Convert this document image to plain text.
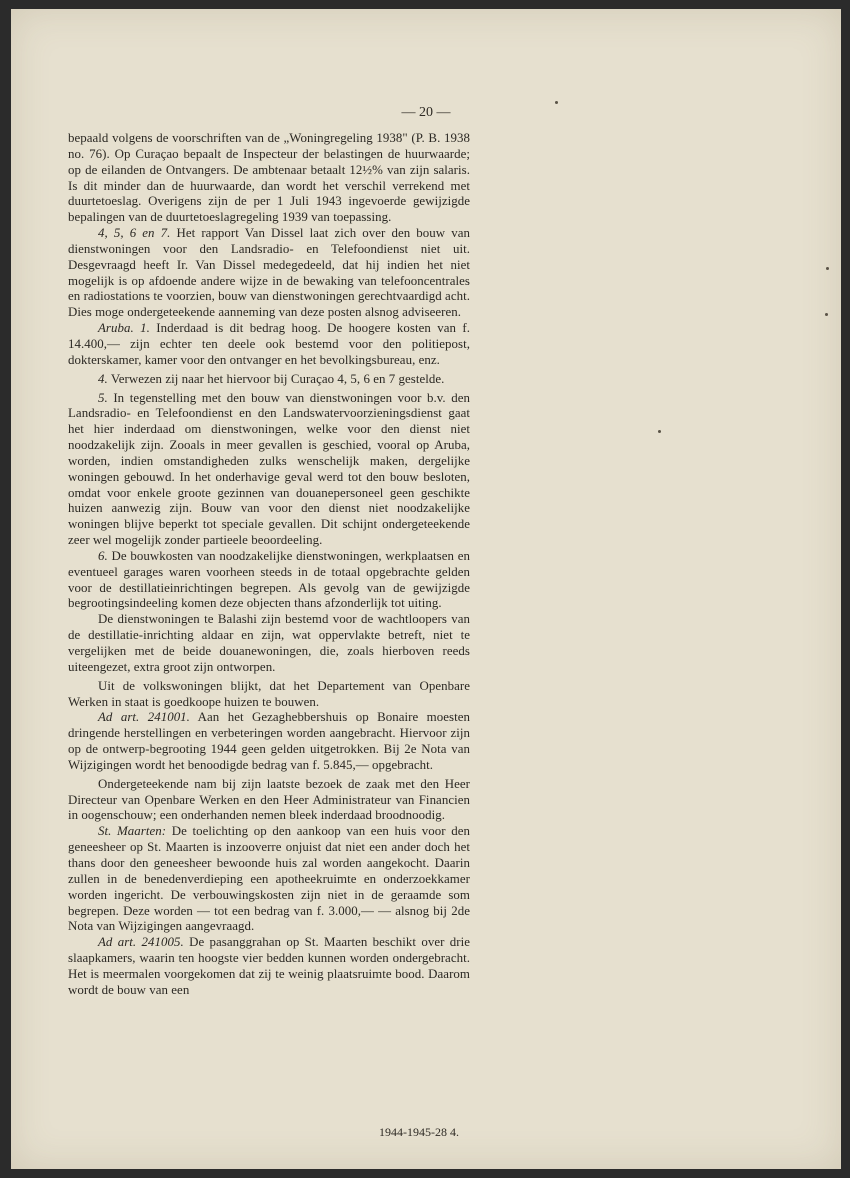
— 20 —

bepaald volgens de voorschriften van de „Woningregeling 1938" (P. B. 1938 no. 76). Op Curaçao bepaalt de Inspecteur der belastingen de huurwaarde; op de eilanden de Ontvangers. De ambtenaar betaalt 12½% van zijn salaris. Is dit minder dan de huurwaarde, dan wordt het verschil verrekend met duurtetoeslag. Overigens zijn de per 1 Juli 1943 ingevoerde gewijzigde bepalingen van de duurtetoeslagregeling 1939 van toepassing.

4, 5, 6 en 7. Het rapport Van Dissel laat zich over den bouw van dienstwoningen voor den Landsradio- en Telefoondienst niet uit. Desgevraagd heeft Ir. Van Dissel medegedeeld, dat hij indien het niet mogelijk is op afdoende andere wijze in de bewaking van telefooncentrales en radiostations te voorzien, bouw van dienstwoningen gerechtvaardigd acht. Dies moge ondergeteekende aanneming van deze posten alsnog adviseeren.

Aruba. 1. Inderdaad is dit bedrag hoog. De hoogere kosten van f. 14.400,— zijn echter ten deele ook bestemd voor den politiepost, dokterskamer, kamer voor den ontvanger en het bevolkingsbureau, enz.

4. Verwezen zij naar het hiervoor bij Curaçao 4, 5, 6 en 7 gestelde.

5. In tegenstelling met den bouw van dienstwoningen voor b.v. den Landsradio- en Telefoondienst en den Landswatervoorzieningsdienst gaat het hier inderdaad om dienstwoningen, welke voor den dienst niet noodzakelijk zijn. Zooals in meer gevallen is geschied, vooral op Aruba, worden, indien omstandigheden zulks wenschelijk maken, dergelijke woningen gebouwd. In het onderhavige geval werd tot den bouw besloten, omdat voor enkele groote gezinnen van douanepersoneel geen geschikte huizen aanwezig zijn. Bouw van voor den dienst niet noodzakelijke woningen blijve beperkt tot speciale gevallen. Dit schijnt ondergeteekende zeer wel mogelijk zonder partieele beoordeeling.

6. De bouwkosten van noodzakelijke dienstwoningen, werkplaatsen en eventueel garages waren voorheen steeds in de totaal opgebrachte gelden voor de destillatieinrichtingen begrepen. Als gevolg van de gewijzigde begrootingsindeeling komen deze objecten thans afzonderlijk tot uiting.

De dienstwoningen te Balashi zijn bestemd voor de wachtloopers van de destillatie-inrichting aldaar en zijn, wat oppervlakte betreft, niet te vergelijken met de beide douanewoningen, die, zoals hierboven reeds uiteengezet, extra groot zijn ontworpen.

Uit de volkswoningen blijkt, dat het Departement van Openbare Werken in staat is goedkoope huizen te bouwen.

Ad art. 241001. Aan het Gezaghebbershuis op Bonaire moesten dringende herstellingen en verbeteringen worden aangebracht. Hiervoor zijn op de ontwerp-begrooting 1944 geen gelden uitgetrokken. Bij 2e Nota van Wijzigingen wordt het benoodigde bedrag van f. 5.845,— opgebracht.

Ondergeteekende nam bij zijn laatste bezoek de zaak met den Heer Directeur van Openbare Werken en den Heer Administrateur van Financien in oogenschouw; een onderhanden nemen bleek inderdaad broodnoodig.

St. Maarten: De toelichting op den aankoop van een huis voor den geneesheer op St. Maarten is inzooverre onjuist dat niet een ander doch het thans door den geneesheer bewoonde huis zal worden aangekocht. Daarin zullen in de benedenverdieping een apotheekruimte en onderzoekkamer worden ingericht. De verbouwingskosten zijn niet in de geraamde som begrepen. Deze worden — tot een bedrag van f. 3.000,— — alsnog bij 2de Nota van Wijzigingen aangevraagd.

Ad art. 241005. De pasanggrahan op St. Maarten beschikt over drie slaapkamers, waarin ten hoogste vier bedden kunnen worden ondergebracht. Het is meermalen voorgekomen dat zij te weinig plaatsruimte bood. Daarom wordt de bouw van een

1944-1945-28 4.
